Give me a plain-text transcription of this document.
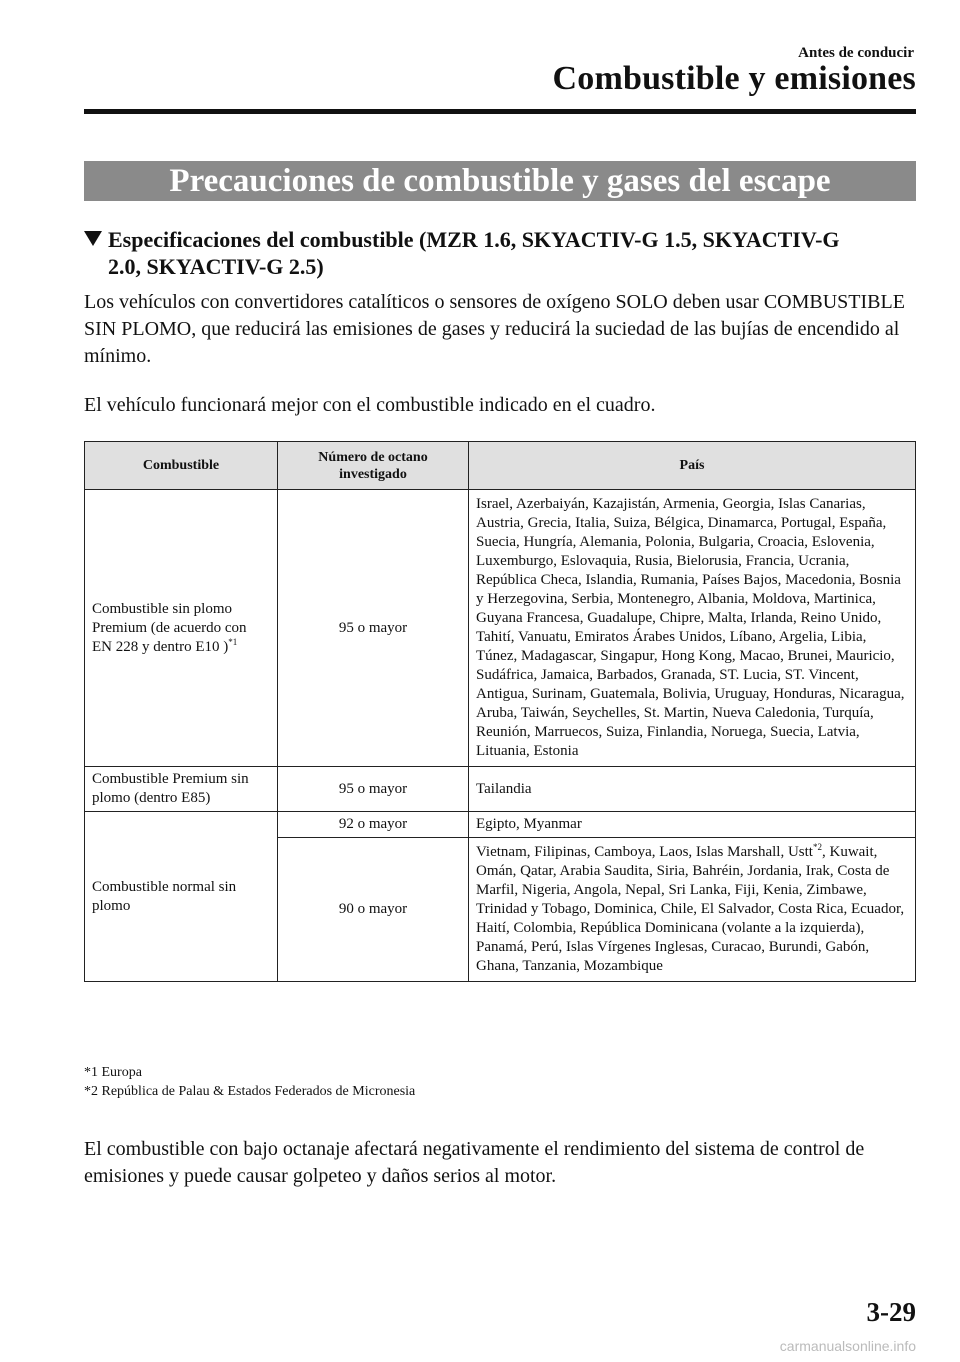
Antes de conducir
Combustible y emisiones
Precauciones de combustible y gases del escape
Especificaciones del combustible (MZR 1.6, SKYACTIV-G 1.5, SKYACTIV-G
2.0, SKYACTIV-G 2.5)
Los vehículos con convertidores catalíticos o sensores de oxígeno SOLO deben usar COMBUSTIBLE SIN PLOMO, que reducirá las emisiones de gases y reducirá la suciedad de las bujías de encendido al mínimo.
El vehículo funcionará mejor con el combustible indicado en el cuadro.
Combustible	Número de octano investigado	País
Combustible sin plomo Premium (de acuerdo con EN 228 y dentro E10 )$^{*1}$	95 o mayor	Israel, Azerbaiyán, Kazajistán, Armenia, Georgia, Islas Canarias, Austria, Grecia, Italia, Suiza, Bélgica, Dinamarca, Portugal, España, Suecia, Hungría, Alemania, Polonia, Bulgaria, Croacia, Eslovenia, Luxemburgo, Eslovaquia, Rusia, Bielorusia, Francia, Ucrania, República Checa, Islandia, Rumania, Países Bajos, Macedonia, Bosnia y Herzegovina, Serbia, Montenegro, Albania, Moldova, Martinica, Guyana Francesa, Guadalupe, Chipre, Malta, Irlanda, Reino Unido, Tahití, Vanuatu, Emiratos Árabes Unidos, Líbano, Argelia, Libia, Túnez, Madagascar, Singapur, Hong Kong, Macao, Brunei, Mauricio, Sudáfrica, Jamaica, Barbados, Granada, ST. Lucia, ST. Vincent, Antigua, Surinam, Guatemala, Bolivia, Uruguay, Honduras, Nicaragua, Aruba, Taiwán, Seychelles, St. Martin, Nueva Caledonia, Turquía, Reunión, Marruecos, Suiza, Finlandia, Noruega, Suecia, Latvia, Lituania, Estonia
Combustible Premium sin plomo (dentro E85)	95 o mayor	Tailandia
Combustible normal sin plomo	92 o mayor	Egipto, Myanmar
	90 o mayor	Vietnam, Filipinas, Camboya, Laos, Islas Marshall, Ustt$^{*2}$, Kuwait, Omán, Qatar, Arabia Saudita, Siria, Bahréin, Jordania, Irak, Costa de Marfil, Nigeria, Angola, Nepal, Sri Lanka, Fiji, Kenia, Zimbawe, Trinidad y Tobago, Dominica, Chile, El Salvador, Costa Rica, Ecuador, Haití, Colombia, República Dominicana (volante a la izquierda), Panamá, Perú, Islas Vírgenes Inglesas, Curacao, Burundi, Gabón, Ghana, Tanzania, Mozambique
*1 Europa
*2 República de Palau & Estados Federados de Micronesia
El combustible con bajo octanaje afectará negativamente el rendimiento del sistema de control de emisiones y puede causar golpeteo y daños serios al motor.
3-29
carmanualsonline.info
